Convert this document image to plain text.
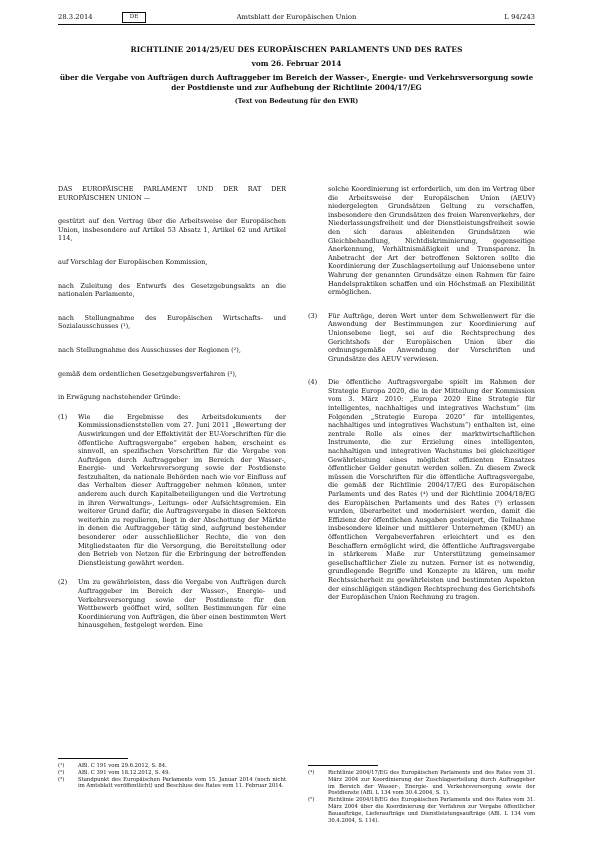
28.3.2014	DE	Amtsblatt der Europäischen Union	L 94/243
RICHTLINIE 2014/25/EU DES EUROPÄISCHEN PARLAMENTS UND DES RATES
vom 26. Februar 2014
über die Vergabe von Aufträgen durch Auftraggeber im Bereich der Wasser-, Energie- und Verkehrsversorgung sowie der Postdienste und zur Aufhebung der Richtlinie 2004/17/EG
(Text von Bedeutung für den EWR)

DAS EUROPÄISCHE PARLAMENT UND DER RAT DER EUROPÄISCHEN UNION —

gestützt auf den Vertrag über die Arbeitsweise der Europäischen Union, insbesondere auf Artikel 53 Absatz 1, Artikel 62 und Artikel 114,

auf Vorschlag der Europäischen Kommission,

nach Zuleitung des Entwurfs des Gesetzgebungsakts an die nationalen Parlamente,

nach Stellungnahme des Europäischen Wirtschafts- und Sozialausschusses (¹),

nach Stellungnahme des Ausschusses der Regionen (²),

gemäß dem ordentlichen Gesetzgebungsverfahren (³),

in Erwägung nachstehender Gründe:

(1)	Wie die Ergebnisse des Arbeitsdokuments der Kommissionsdienststellen vom 27. Juni 2011 „Bewertung der Auswirkungen und der Effektivität der EU-Vorschriften für die öffentliche Auftragsvergabe“ ergeben haben, erscheint es sinnvoll, an spezifischen Vorschriften für die Vergabe von Aufträgen durch Auftraggeber im Bereich der Wasser-, Energie- und Verkehrsversorgung sowie der Postdienste festzuhalten, da nationale Behörden nach wie vor Einfluss auf das Verhalten dieser Auftraggeber nehmen können, unter anderem auch durch Kapitalbeteiligungen und die Vertretung in ihren Verwaltungs-, Leitungs- oder Aufsichtsgremien. Ein weiterer Grund dafür, die Auftragsvergabe in diesen Sektoren weiterhin zu regulieren, liegt in der Abschottung der Märkte in denen die Auftraggeber tätig sind, aufgrund bestehender besonderer oder ausschließlicher Rechte, die von den Mitgliedstaaten für die Versorgung, die Bereitstellung oder den Betrieb von Netzen für die Erbringung der betreffenden Dienstleistung gewährt werden.
(2)	Um zu gewährleisten, dass die Vergabe von Aufträgen durch Auftraggeber im Bereich der Wasser-, Energie- und Verkehrsversorgung sowie der Postdienste für den Wettbewerb geöffnet wird, sollten Bestimmungen für eine Koordinierung von Aufträgen, die über einen bestimmten Wert hinausgehen, festgelegt werden. Eine
(¹)	ABl. C 191 vom 29.6.2012, S. 84.
(²)	ABl. C 391 vom 18.12.2012, S. 49.
(³)	Standpunkt des Europäischen Parlaments vom 15. Januar 2014 (noch nicht im Amtsblatt veröffentlicht) und Beschluss des Rates vom 11. Februar 2014.

solche Koordinierung ist erforderlich, um den im Vertrag über die Arbeitsweise der Europäischen Union (AEUV) niedergelegten Grundsätzen Geltung zu verschaffen, insbesondere den Grundsätzen des freien Warenverkehrs, der Niederlassungsfreiheit und der Dienstleistungsfreiheit sowie den sich daraus ableitenden Grundsätzen wie Gleichbehandlung, Nichtdiskriminierung, gegenseitige Anerkennung, Verhältnismäßigkeit und Transparenz. In Anbetracht der Art der betroffenen Sektoren sollte die Koordinierung der Zuschlagserteilung auf Unionsebene unter Wahrung der genannten Grundsätze einen Rahmen für faire Handelspraktiken schaffen und ein Höchstmaß an Flexibilität ermöglichen.

(3)	Für Aufträge, deren Wert unter dem Schwellenwert für die Anwendung der Bestimmungen zur Koordinierung auf Unionsebene liegt, sei auf die Rechtsprechung des Gerichtshofs der Europäischen Union über die ordnungsgemäße Anwendung der Vorschriften und Grundsätze des AEUV verwiesen.
(4)	Die öffentliche Auftragsvergabe spielt im Rahmen der Strategie Europa 2020, die in der Mitteilung der Kommission vom 3. März 2010: „Europa 2020 Eine Strategie für intelligentes, nachhaltiges und integratives Wachstum“ (im Folgenden „Strategie Europa 2020“ für intelligentes, nachhaltiges und integratives Wachstum“) enthalten ist, eine zentrale Rolle als eines der marktwirtschaftlichen Instrumente, die zur Erzielung eines intelligenten, nachhaltigen und integrativen Wachstums bei gleichzeitiger Gewährleistung eines möglichst effizienten Einsatzes öffentlicher Gelder genutzt werden sollen. Zu diesem Zweck müssen die Vorschriften für die öffentliche Auftragsvergabe, die gemäß der Richtlinie 2004/17/EG des Europäischen Parlaments und des Rates (⁴) und der Richtlinie 2004/18/EG des Europäischen Parlaments und des Rates (⁵) erlassen wurden, überarbeitet und modernisiert werden, damit die Effizienz der öffentlichen Ausgaben gesteigert, die Teilnahme insbesondere kleiner und mittlerer Unternehmen (KMU) an öffentlichen Vergabeverfahren erleichtert und es den Beschaffern ermöglicht wird, die öffentliche Auftragsvergabe in stärkerem Maße zur Unterstützung gemeinsamer gesellschaftlicher Ziele zu nutzen. Ferner ist es notwendig, grundlegende Begriffe und Konzepte zu klären, um mehr Rechtssicherheit zu gewährleisten und bestimmten Aspekten der einschlägigen ständigen Rechtsprechung des Gerichtshofs der Europäischen Union Rechnung zu tragen.
(⁴)	Richtlinie 2004/17/EG des Europäischen Parlaments und des Rates vom 31. März 2004 zur Koordinierung der Zuschlagserteilung durch Auftraggeber im Bereich der Wasser-, Energie- und Verkehrsversorgung sowie der Postdienste (ABl. L 134 vom 30.4.2004, S. 1).
(⁵)	Richtlinie 2004/18/EG des Europäischen Parlaments und des Rates vom 31. März 2004 über die Koordinierung der Verfahren zur Vergabe öffentlicher Bauaufträge, Lieferaufträge und Dienstleistungsaufträge (ABl. L 134 vom 30.4.2004, S. 114).
